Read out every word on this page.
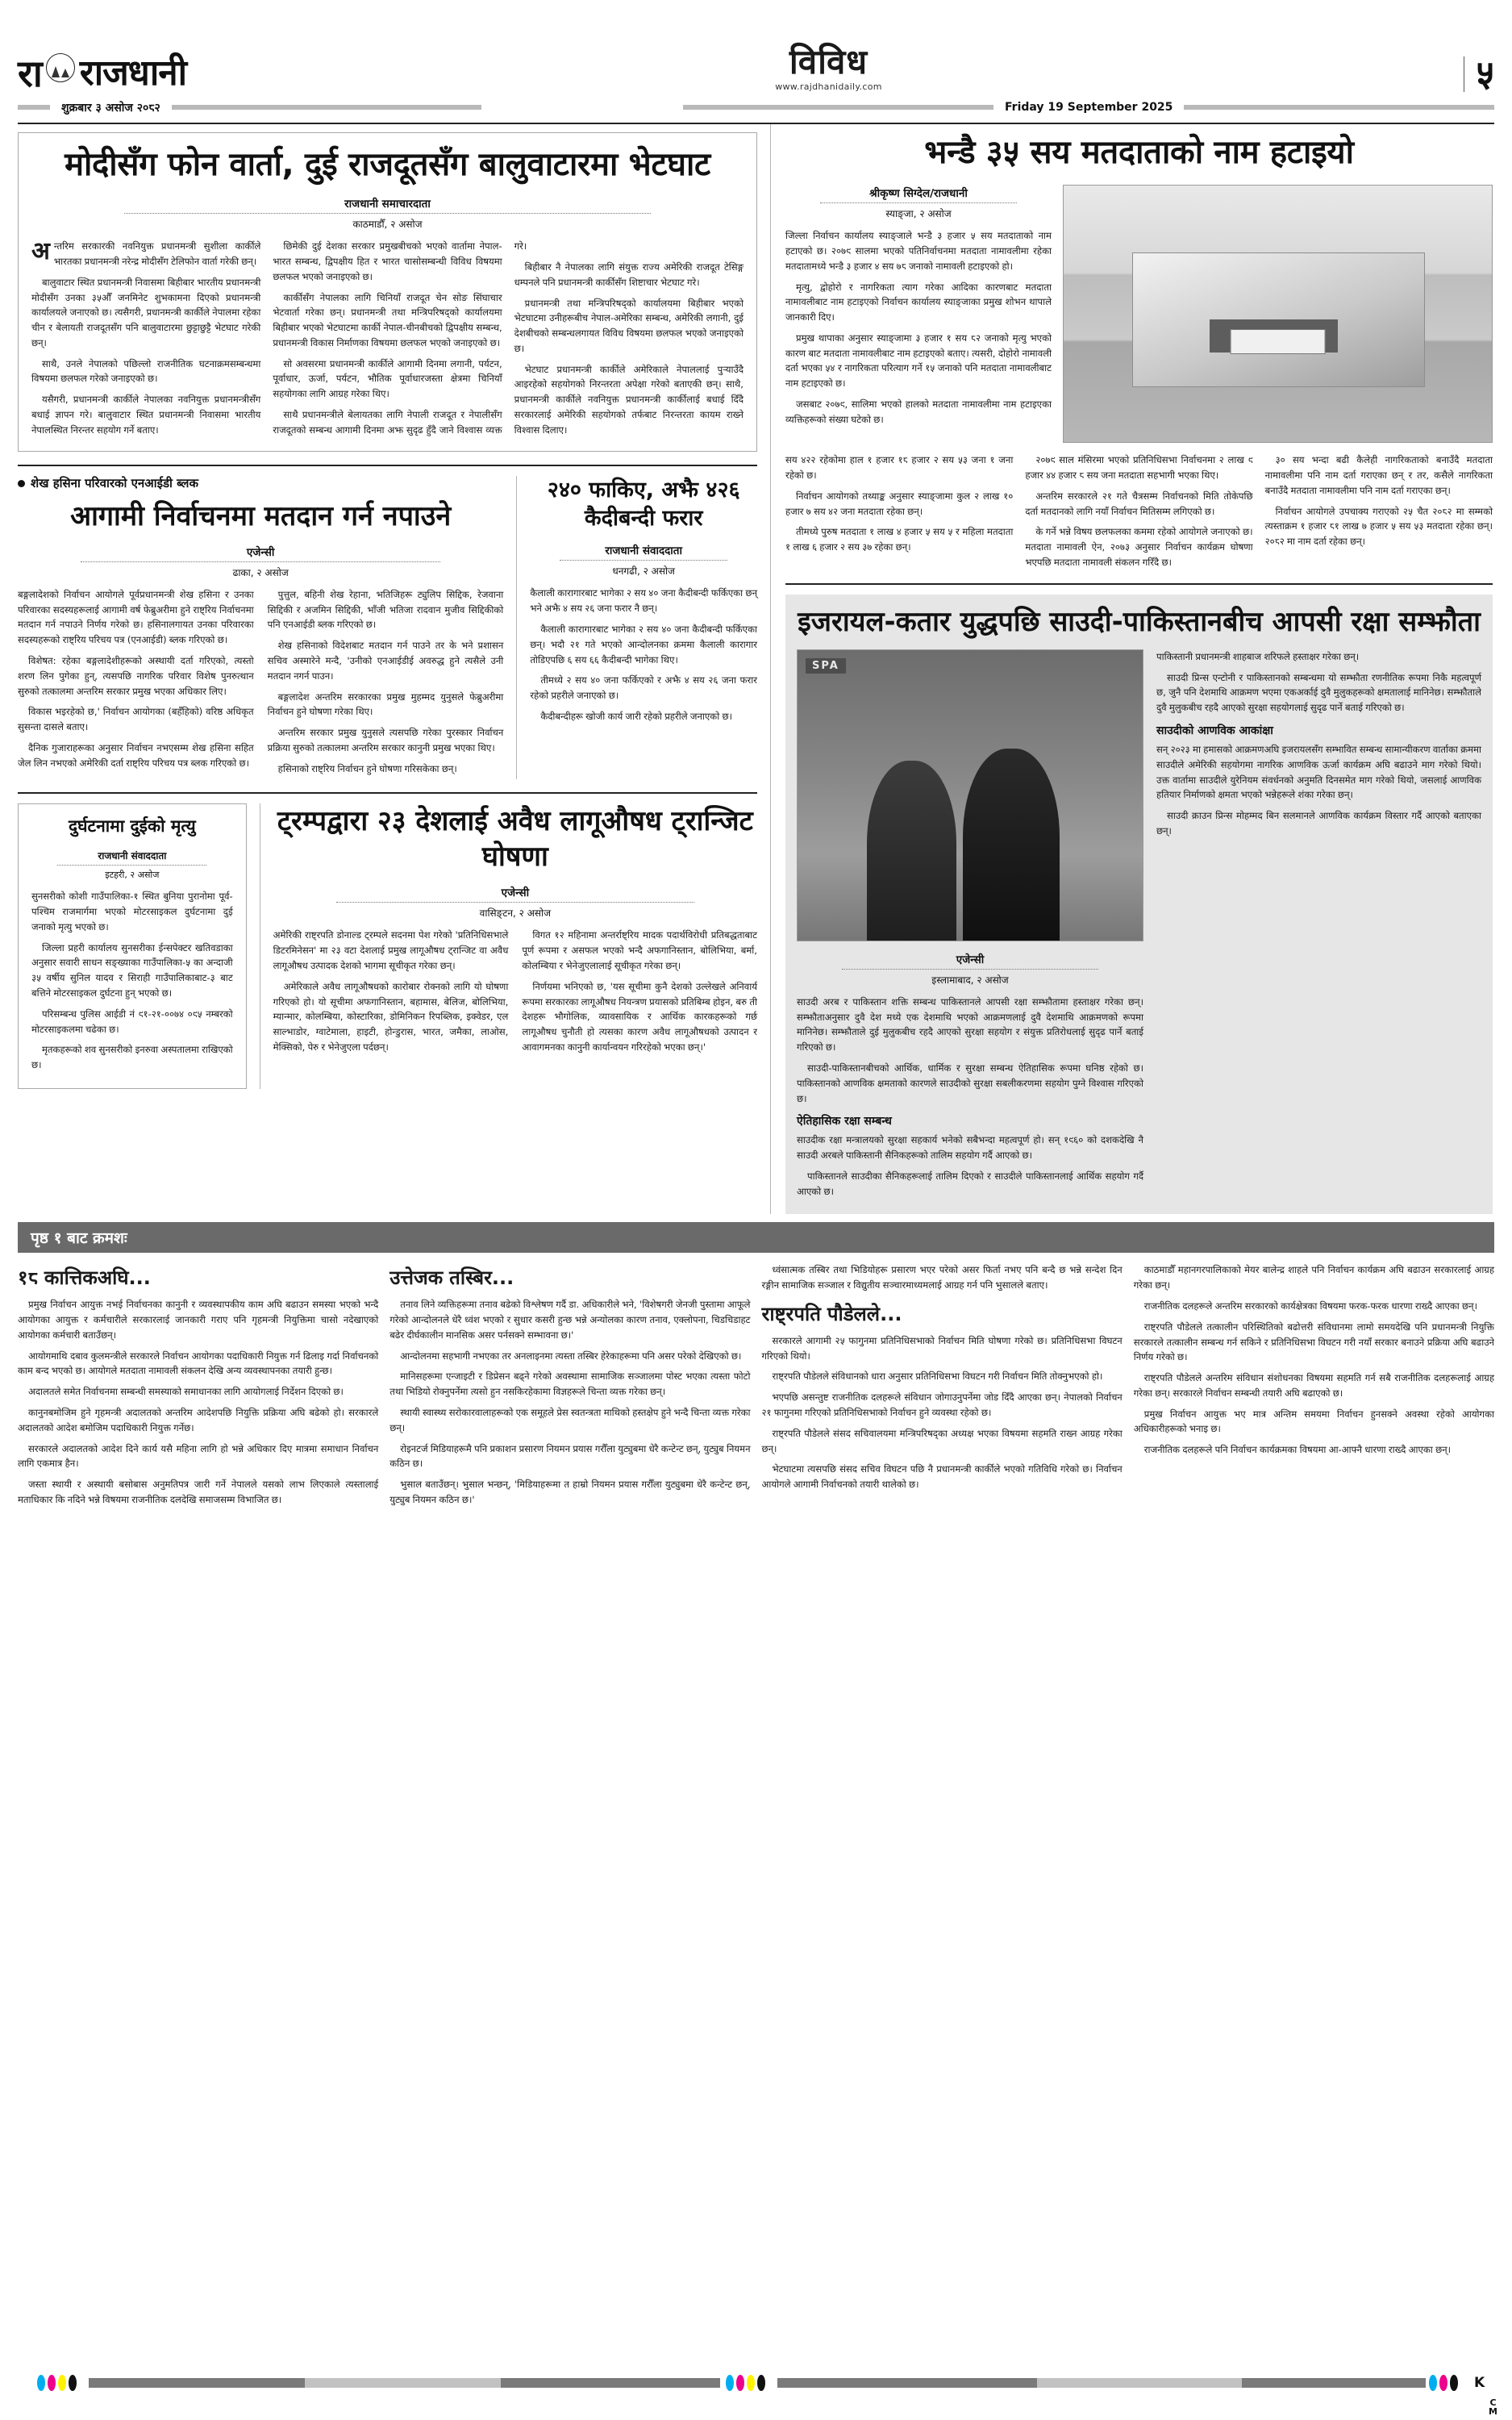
रा राजधानी	विविध
www.rajdhanidaily.com	५
शुक्रबार ३ असोज २०८२	Friday 19 September 2025
मोदीसँग फोन वार्ता, दुई राजदूतसँग बालुवाटारमा भेटघाट
राजधानी समाचारदाता
काठमाडौँ, २ असोज

अन्तरिम सरकारकी नवनियुक्त प्रधानमन्त्री सुशीला कार्कीले भारतका प्रधानमन्त्री नरेन्द्र मोदीसँग टेलिफोन वार्ता गरेकी छन्।

बालुवाटार स्थित प्रधानमन्त्री निवासमा बिहीबार भारतीय प्रधानमन्त्री मोदीसँग उनका ३५औँ जनमिनेट शुभकामना दिएको प्रधानमन्त्री कार्यालयले जनाएको छ। त्यसैगरी, प्रधानमन्त्री कार्कीले नेपालमा रहेका चीन र बेलायती राजदूतसँग पनि बालुवाटारमा छुट्टाछुट्टै भेटघाट गरेकी छन्।

साथै, उनले नेपालको पछिल्लो राजनीतिक घटनाक्रमसम्बन्धमा विषयमा छलफल गरेको जनाइएको छ।

यसैगरी, प्रधानमन्त्री कार्कीले नेपालका नवनियुक्त प्रधानमन्त्रीसँग बधाई ज्ञापन गरे। बालुवाटार स्थित प्रधानमन्त्री निवासमा भारतीय नेपालस्थित निरन्तर सहयोग गर्ने बताए।

छिमेकी दुई देशका सरकार प्रमुखबीचको भएको वार्तामा नेपाल-भारत सम्बन्ध, द्विपक्षीय हित र भारत चासोसम्बन्धी विविध विषयमा छलफल भएको जनाइएको छ।

कार्कीसँग नेपालका लागि चिनियाँ राजदूत चेन सोङ सिंघाचार भेटवार्ता गरेका छन्। प्रधानमन्त्री तथा मन्त्रिपरिषद्को कार्यालयमा बिहीबार भएको भेटघाटमा कार्की नेपाल-चीनबीचको द्विपक्षीय सम्बन्ध, प्रधानमन्त्री विकास निर्माणका विषयमा छलफल भएको जनाइएको छ।

सो अवसरमा प्रधानमन्त्री कार्कीले आगामी दिनमा लगानी, पर्यटन, पूर्वाधार, ऊर्जा, पर्यटन, भौतिक पूर्वाधारजस्ता क्षेत्रमा चिनियाँ सहयोगका लागि आग्रह गरेका थिए।

साथै प्रधानमन्त्रीले बेलायतका लागि नेपाली राजदूत र नेपालीसँग राजदूतको सम्बन्ध आगामी दिनमा अझ सुदृढ हुँदै जाने विश्वास व्यक्त गरे।

बिहीबार नै नेपालका लागि संयुक्त राज्य अमेरिकी राजदूत टेसिङ्ग धम्पनले पनि प्रधानमन्त्री कार्कीसँग शिष्टाचार भेटघाट गरे।

प्रधानमन्त्री तथा मन्त्रिपरिषद्को कार्यालयमा बिहीबार भएको भेटघाटमा उनीहरूबीच नेपाल-अमेरिका सम्बन्ध, अमेरिकी लगानी, दुई देशबीचको सम्बन्धलगायत विविध विषयमा छलफल भएको जनाइएको छ।

भेटघाट प्रधानमन्त्री कार्कीले अमेरिकाले नेपाललाई पुर्‍याउँदै आइरहेको सहयोगको निरन्तरता अपेक्षा गरेको बताएकी छन्। साथै, प्रधानमन्त्री कार्कीले नवनियुक्त प्रधानमन्त्री कार्कीलाई बधाई दिँदै सरकारलाई अमेरिकी सहयोगको तर्फबाट निरन्तरता कायम राख्ने विश्वास दिलाए।

शेख हसिना परिवारको एनआईडी ब्लक
आगामी निर्वाचनमा मतदान गर्न नपाउने
एजेन्सी
ढाका, २ असोज

बङ्गलादेशको निर्वाचन आयोगले पूर्वप्रधानमन्त्री शेख हसिना र उनका परिवारका सदस्यहरूलाई आगामी वर्ष फेब्रुअरीमा हुने राष्ट्रिय निर्वाचनमा मतदान गर्न नपाउने निर्णय गरेको छ। हसिनालगायत उनका परिवारका सदस्यहरूको राष्ट्रिय परिचय पत्र (एनआईडी) ब्लक गरिएको छ।

विशेषत: रहेका बङ्गलादेशीहरूको अस्थायी दर्ता गरिएको, त्यस्तो शरण लिन पुगेका हुन्, त्यसपछि नागरिक परिवार विशेष पुनरुत्थान सुरुकाे तत्कालमा अन्तरिम सरकार प्रमुख भएका अधिकार लिए।

विकास भइरहेको छ,' निर्वाचन आयोगका (बहँहिको) वरिष्ठ अधिकृत सुसन्ता दासले बताए।

दैनिक गुजाराहरूका अनुसार निर्वाचन नभएसम्म शेख हसिना सहित जेल लिन नभएको अमेरिकी दर्ता राष्ट्रिय परिचय पत्र ब्लक गरिएको छ।

पुत्तुल, बहिनी शेख रेहाना, भतिजिहरू ट्युलिप सिद्दिक, रेजवाना सिद्दिकी र अजमिन सिद्दिकी, भाँजी भतिजा रादवान मुजीव सिद्दिकीको पनि एनआईडी ब्लक गरिएको छ।

शेख हसिनाको विदेशबाट मतदान गर्न पाउने तर के भने प्रशासन सचिव अस्मारेने मन्दै, 'उनीको एनआईडीई अवरुद्ध हुने त्यसैले उनी मतदान नगर्न पाउन।

बङ्गलादेश अन्तरिम सरकारका प्रमुख मुहम्मद युनुसले फेब्रुअरीमा निर्वाचन हुने घोषणा गरेका थिए।

अन्तरिम सरकार प्रमुख युनुसले त्यसपछि गरेका पुरस्कार निर्वाचन प्रक्रिया सुरुको तत्कालमा अन्तरिम सरकार कानुनी प्रमुख भएका थिए।

हसिनाको राष्ट्रिय निर्वाचन हुने घोषणा गरिसकेका छन्।

२४० फाकिए, अझै ४२६ कैदीबन्दी फरार
राजधानी संवाददाता
धनगढी, २ असोज

कैलाली कारागारबाट भागेका २ सय ४० जना कैदीबन्दी फर्किएका छन् भने अझै ४ सय २६ जना फरार नै छन्।

कैलाली कारागारबाट भागेका २ सय ४० जना कैदीबन्दी फर्किएका छन्। भदौ २१ गते भएको आन्दोलनका क्रममा कैलाली कारागार तोडिएपछि ६ सय ६६ कैदीबन्दी भागेका थिए।

तीमध्ये २ सय ४० जना फर्किएको र अझै ४ सय २६ जना फरार रहेको प्रहरीले जनाएको छ।

कैदीबन्दीहरू खोजी कार्य जारी रहेको प्रहरीले जनाएको छ।

दुर्घटनामा दुईको मृत्यु
राजधानी संवाददाता
इटहरी, २ असोज

सुनसरीको कोशी गाउँपालिका-१ स्थित बुनिया पुरानोमा पूर्व-पश्चिम राजमार्गमा भएको मोटरसाइकल दुर्घटनामा दुई जनाको मृत्यु भएको छ।

जिल्ला प्रहरी कार्यालय सुनसरीका ईन्सपेक्टर खतिवडाका अनुसार सवारी साधन सङ्ख्याका गाउँपालिका-५ का अन्दाजी ३५ वर्षीय सुनिल यादव र सिराही गाउँपालिकाबाट-३ बाट बत्तिने मोटरसाइकल दुर्घटना हुन् भएको छ।

परिसम्बन्ध पुलिस आईडी नं ९१-२१-००७४ ०९५ नम्बरको मोटरसाइकलमा चढेका छ।

मृतकहरूको शव सुनसरीको इनरुवा अस्पतालमा राखिएको छ।

ट्रम्पद्वारा २३ देशलाई अवैध लागूऔषध ट्रान्जिट घोषणा
एजेन्सी
वासिङ्टन, २ असोज

अमेरिकी राष्ट्रपति डोनाल्ड ट्रम्पले सदनमा पेश गरेको 'प्रतिनिधिसभाले डिटरमिनेसन' मा २३ वटा देशलाई प्रमुख लागूऔषध ट्रान्जिट वा अवैध लागूऔषध उत्पादक देशको भागमा सूचीकृत गरेका छन्।

अमेरिकाले अवैध लागूऔषधको कारोबार रोक्नको लागि यो घोषणा गरिएको हो। यो सूचीमा अफगानिस्तान, बहामास, बेलिज, बोलिभिया, म्यान्मार, कोलम्बिया, कोस्टारिका, डोमिनिकन रिपब्लिक, इक्वेडर, एल साल्भाडोर, ग्वाटेमाला, हाइटी, होन्डुरास, भारत, जमैका, लाओस, मेक्सिको, पेरु र भेनेजुएला पर्दछन्।

विगत १२ महिनामा अन्तर्राष्ट्रिय मादक पदार्थविरोधी प्रतिबद्धताबाट पूर्ण रूपमा र असफल भएकाे भन्दै अफगानिस्तान, बोलिभिया, बर्मा, कोलम्बिया र भेनेजुएलालाई सूचीकृत गरेका छन्।

निर्णयमा भनिएको छ, 'यस सूचीमा कुनै देशको उल्लेखले अनिवार्य रूपमा सरकारका लागूऔषध नियन्त्रण प्रयासको प्रतिबिम्ब होइन, बरु ती देशहरू भौगोलिक, व्यावसायिक र आर्थिक कारकहरूको गर्छ लागूऔषध चुनौती हो त्यसका कारण अवैध लागूऔषधको उत्पादन र आवागमनका कानुनी कार्यान्वयन गरिरहेकाे भएका छन्।'

भन्डै ३५ सय मतदाताको नाम हटाइयो
श्रीकृष्ण सिग्देल/राजधानी
स्याङ्जा, २ असोज

जिल्ला निर्वाचन कार्यालय स्याङ्जाले भन्डै ३ हजार ५ सय मतदाताको नाम हटाएको छ। २०७९ सालमा भएको पतिनिर्वाचनमा मतदाता नामावलीमा रहेका मतदातामध्ये भन्डै ३ हजार ४ सय ७८ जनाको नामावली हटाइएको हो।

मृत्यु, द्वोहोरो र नागरिकता त्याग गरेका आदिका कारणबाट मतदाता नामावलीबाट नाम हटाइएको निर्वाचन कार्यालय स्याङ्जाका प्रमुख शोभन थापाले जानकारी दिए।

प्रमुख थापाका अनुसार स्याङ्जामा ३ हजार १ सय ८२ जनाको मृत्यु भएको कारण बाट मतदाता नामावलीबाट नाम हटाइएको बताए। त्यसरी, दोहोरो नामावली दर्ता भएका ५४ र नागरिकता परित्याग गर्ने १५ जनाको पनि मतदाता नामावलीबाट नाम हटाइएको छ।

जसबाट २०७९, सालिमा भएको हालको मतदाता नामावलीमा नाम हटाइएका व्यक्तिहरूको संख्या घटेको छ।

सय ४२२ रहेकोमा हाल १ हजार १८ हजार २ सय ५३ जना १ जना रहेको छ।

निर्वाचन आयोगको तथ्याङ्क अनुसार स्याङ्जामा कुल २ लाख १० हजार ७ सय ४२ जना मतदाता रहेका छन्।

तीमध्ये पुरुष मतदाता १ लाख ४ हजार ५ सय ५ र महिला मतदाता १ लाख ६ हजार २ सय ३७ रहेका छन्।

२०७९ साल मंसिरमा भएको प्रतिनिधिसभा निर्वाचनमा २ लाख ९ हजार ४४ हजार ८ सय जना मतदाता सहभागी भएका थिए।

अन्तरिम सरकारले २१ गते चैत्रसम्म निर्वाचनको मिति तोकेपछि दर्ता मतदानको लागि नयाँ निर्वाचन मितिसम्म लगिएको छ।

के गर्ने भन्ने विषय छलफलका कममा रहेको आयोगले जनाएको छ। मतदाता नामावली ऐन, २०७३ अनुसार निर्वाचन कार्यक्रम घोषणा भएपछि मतदाता नामावली संकलन गरिँदै छ।

३० सय भन्दा बढी कैलेही नागरिकताको बनाउँदै मतदाता नामावलीमा पनि नाम दर्ता गराएका छन् र तर, कसैले नागरिकता बनाउँदै मतदाता नामावलीमा पनि नाम दर्ता गराएका छन्।

निर्वाचन आयोगले उपचाक्य गराएको २५ चैत २०८२ मा सम्मको त्यस्ताक्रम १ हजार ८१ लाख ७ हजार ५ सय ५३ मतदाता रहेका छन्। २०८२ मा नाम दर्ता रहेका छन्।

इजरायल-कतार युद्धपछि साउदी-पाकिस्तानबीच आपसी रक्षा सम्झौता
SPA
एजेन्सी
इस्लामाबाद, २ असोज

साउदी अरब र पाकिस्तान शक्ति सम्बन्ध पाकिस्तानले आपसी रक्षा सम्झौतामा हस्ताक्षर गरेका छन्। सम्झौताअनुसार दुवै देश मध्ये एक देशमाथि भएको आक्रमणलाई दुवै देशमाथि आक्रमणको रूपमा मानिनेछ। सम्झौताले दुई मुलुकबीच रहदै आएको सुरक्षा सहयोग र संयुक्त प्रतिरोधलाई सुदृढ पार्ने बताई गरिएको छ।

साउदी-पाकिस्तानबीचको आर्थिक, धार्मिक र सुरक्षा सम्बन्ध ऐतिहासिक रूपमा घनिष्ठ रहेको छ। पाकिस्तानको आणविक क्षमताको कारणले साउदीको सुरक्षा सबलीकरणमा सहयोग पुग्ने विश्वास गरिएको छ।

ऐतिहासिक रक्षा सम्बन्ध

साउदीक रक्षा मन्त्रालयको सुरक्षा सहकार्य भनेको सबैभन्दा महत्वपूर्ण हो। सन् १९६० को दशकदेखि नै साउदी अरबले पाकिस्तानी सैनिकहरूको तालिम सहयोग गर्दै आएको छ।

पाकिस्तानले साउदीका सैनिकहरूलाई तालिम दिएको र साउदीले पाकिस्तानलाई आर्थिक सहयोग गर्दै आएको छ।

पाकिस्तानी प्रधानमन्त्री शाहबाज शरिफले हस्ताक्षर गरेका छन्।

साउदी प्रिन्स एन्टोनी र पाकिस्तानको सम्बन्धमा यो सम्झौता रणनीतिक रूपमा निकै महत्वपूर्ण छ, जुनै पनि देशमाथि आक्रमण भएमा एकअर्काई दुवै मुलुकहरूको क्षमतालाई मानिनेछ। सम्झौताले दुवै मुलुकबीच रहदै आएको सुरक्षा सहयोगलाई सुदृढ पार्ने बताई गरिएको छ।

साउदीको आणविक आकांक्षा

सन् २०२३ मा हमासको आक्रमणअघि इजरायलसँग सम्भावित सम्बन्ध सामान्यीकरण वार्ताका क्रममा साउदीले अमेरिकी सहयोगमा नागरिक आणविक ऊर्जा कार्यक्रम अघि बढाउने माग गरेको थियो। उक्त वार्तामा साउदीले युरेनियम संवर्धनको अनुमति दिनसमेत माग गरेको थियो, जसलाई आणविक हतियार निर्माणको क्षमता भएको भन्नेहरूले शंका गरेका छन्।

साउदी क्राउन प्रिन्स मोहम्मद बिन सलमानले आणविक कार्यक्रम विस्तार गर्दै आएको बताएका छन्।

पृष्ठ १ बाट क्रमशः
१८ कात्तिकअघि...

प्रमुख निर्वाचन आयुक्त नभई निर्वाचनका कानुनी र व्यवस्थापकीय काम अघि बढाउन समस्या भएको भन्दै आयोगका आयुक्त र कर्मचारीले सरकारलाई जानकारी गराए पनि गृहमन्त्री नियुक्तिमा चासो नदेखाएको आयोगका कर्मचारी बताउँछन्।

आयोगमाथि दबाव कुलमन्त्रीले सरकारले निर्वाचन आयोगका पदाधिकारी नियुक्त गर्न ढिलाइ गर्दा निर्वाचनको काम बन्द भएको छ। आयोगले मतदाता नामावली संकलन देखि अन्य व्यवस्थापनका तयारी हुन्छ।

अदालतले समेत निर्वाचनमा सम्बन्धी समस्याको समाधानका लागि आयोगलाई निर्देशन दिएको छ।

कानुनबमोजिम हुने गृहमन्त्री अदालतको अन्तरिम आदेशपछि नियुक्ति प्रक्रिया अघि बढेको हो। सरकारले अदालतको आदेश बमोजिम पदाधिकारी नियुक्त गर्नेछ।

सरकारले अदालतको आदेश दिने कार्य यसै महिना लागि हो भन्ने अधिकार दिए मात्रमा समाधान निर्वाचन लागि एकमात्र हैन।

जस्ता स्थायी र अस्थायी बसोबास अनुमतिपत्र जारी गर्ने नेपालले यसको लाभ लिएकाले त्यस्तालाई मताधिकार कि नदिने भन्ने विषयमा राजनीतिक दलदेखि समाजसम्म विभाजित छ।

उत्तेजक तस्बिर...

तनाव लिने व्यक्तिहरूमा तनाव बढेको विश्लेषण गर्दै डा. अधिकारीले भने, 'विशेषगरी जेनजी पुस्तामा आफूले गरेको आन्दोलनले धेरै ध्वंश भएको र सुधार कसरी हुन्छ भन्ने अन्योलका कारण तनाव, एक्लोपना, चिडचिडाहट बढेर दीर्घकालीन मानसिक असर पर्नसक्ने सम्भावना छ।'

आन्दोलनमा सहभागी नभएका तर अनलाइनमा त्यस्ता तस्बिर हेरेकाहरूमा पनि असर परेको देखिएको छ।

मानिसहरूमा एन्जाइटी र डिप्रेसन बढ्ने गरेको अवस्थामा सामाजिक सञ्जालमा पोस्ट भएका त्यस्ता फोटो तथा भिडियो रोक्नुपर्नेमा त्यसो हुन नसकिरहेकामा विज्ञहरूले चिन्ता व्यक्त गरेका छन्।

स्थायी स्वास्थ्य सरोकारवालाहरूको एक समूहले प्रेस स्वतन्त्रता माथिको हस्तक्षेप हुने भन्दै चिन्ता व्यक्त गरेका छन्।

रोइनटर्ज मिडियाहरूमै पनि प्रकाशन प्रसारण नियमन प्रयास गरौँला युट्युबमा धेरै कन्टेन्ट छन्, युट्युब नियमन कठिन छ।

भुसाल बताउँछन्। भुसाल भन्छन्, 'मिडियाहरूमा त हाम्रो नियमन प्रयास गरौँला युट्युबमा धेरै कन्टेन्ट छन्, युट्युब नियमन कठिन छ।'

ध्वंसात्मक तस्बिर तथा भिडियोहरू प्रसारण भएर परेको असर फिर्ता नभए पनि बन्दै छ भन्ने सन्देश दिन रङ्गीन सामाजिक सञ्जाल र विद्युतीय सञ्चारमाध्यमलाई आग्रह गर्न पनि भुसालले बताए।

राष्ट्रपति पौडेलले...

सरकारले आगामी २५ फागुनमा प्रतिनिधिसभाको निर्वाचन मिति घोषणा गरेको छ। प्रतिनिधिसभा विघटन गरिएको थियो।

राष्ट्रपति पौडेलले संविधानको धारा अनुसार प्रतिनिधिसभा विघटन गरी निर्वाचन मिति तोक्नुभएको हो।

भएपछि असन्तुष्ट राजनीतिक दलहरूले संविधान जोगाउनुपर्नेमा जोड दिँदै आएका छन्। नेपालको निर्वाचन २१ फागुनमा गरिएको प्रतिनिधिसभाको निर्वाचन हुने व्यवस्था रहेको छ।

राष्ट्रपति पौडेलले संसद सचिवालयमा मन्त्रिपरिषद्का अध्यक्ष भएका विषयमा सहमति राख्न आग्रह गरेका छन्।

भेटघाटमा त्यसपछि संसद सचिव विघटन पछि नै प्रधानमन्त्री कार्कीले भएको गतिविधि गरेको छ। निर्वाचन आयोगले आगामी निर्वाचनको तयारी थालेको छ।

काठमाडौँ महानगरपालिकाको मेयर बालेन्द्र शाहले पनि निर्वाचन कार्यक्रम अघि बढाउन सरकारलाई आग्रह गरेका छन्।

राजनीतिक दलहरूले अन्तरिम सरकारको कार्यक्षेत्रका विषयमा फरक-फरक धारणा राख्दै आएका छन्।

राष्ट्रपति पौडेलले तत्कालीन परिस्थितिको बढोत्तरी संविधानमा लामो समयदेखि पनि प्रधानमन्त्री नियुक्ति सरकारले तत्कालीन सम्बन्ध गर्न सकिने र प्रतिनिधिसभा विघटन गरी नयाँ सरकार बनाउने प्रक्रिया अघि बढाउने निर्णय गरेको छ।

राष्ट्रपति पौडेलले अन्तरिम संविधान संशोधनका विषयमा सहमति गर्न सबै राजनीतिक दलहरूलाई आग्रह गरेका छन्। सरकारले निर्वाचन सम्बन्धी तयारी अघि बढाएको छ।

प्रमुख निर्वाचन आयुक्त भए मात्र अन्तिम समयमा निर्वाचन हुनसक्ने अवस्था रहेको आयोगका अधिकारीहरूको भनाइ छ।

राजनीतिक दलहरूले पनि निर्वाचन कार्यक्रमका विषयमा आ-आफ्नै धारणा राख्दै आएका छन्।

K
C
M
